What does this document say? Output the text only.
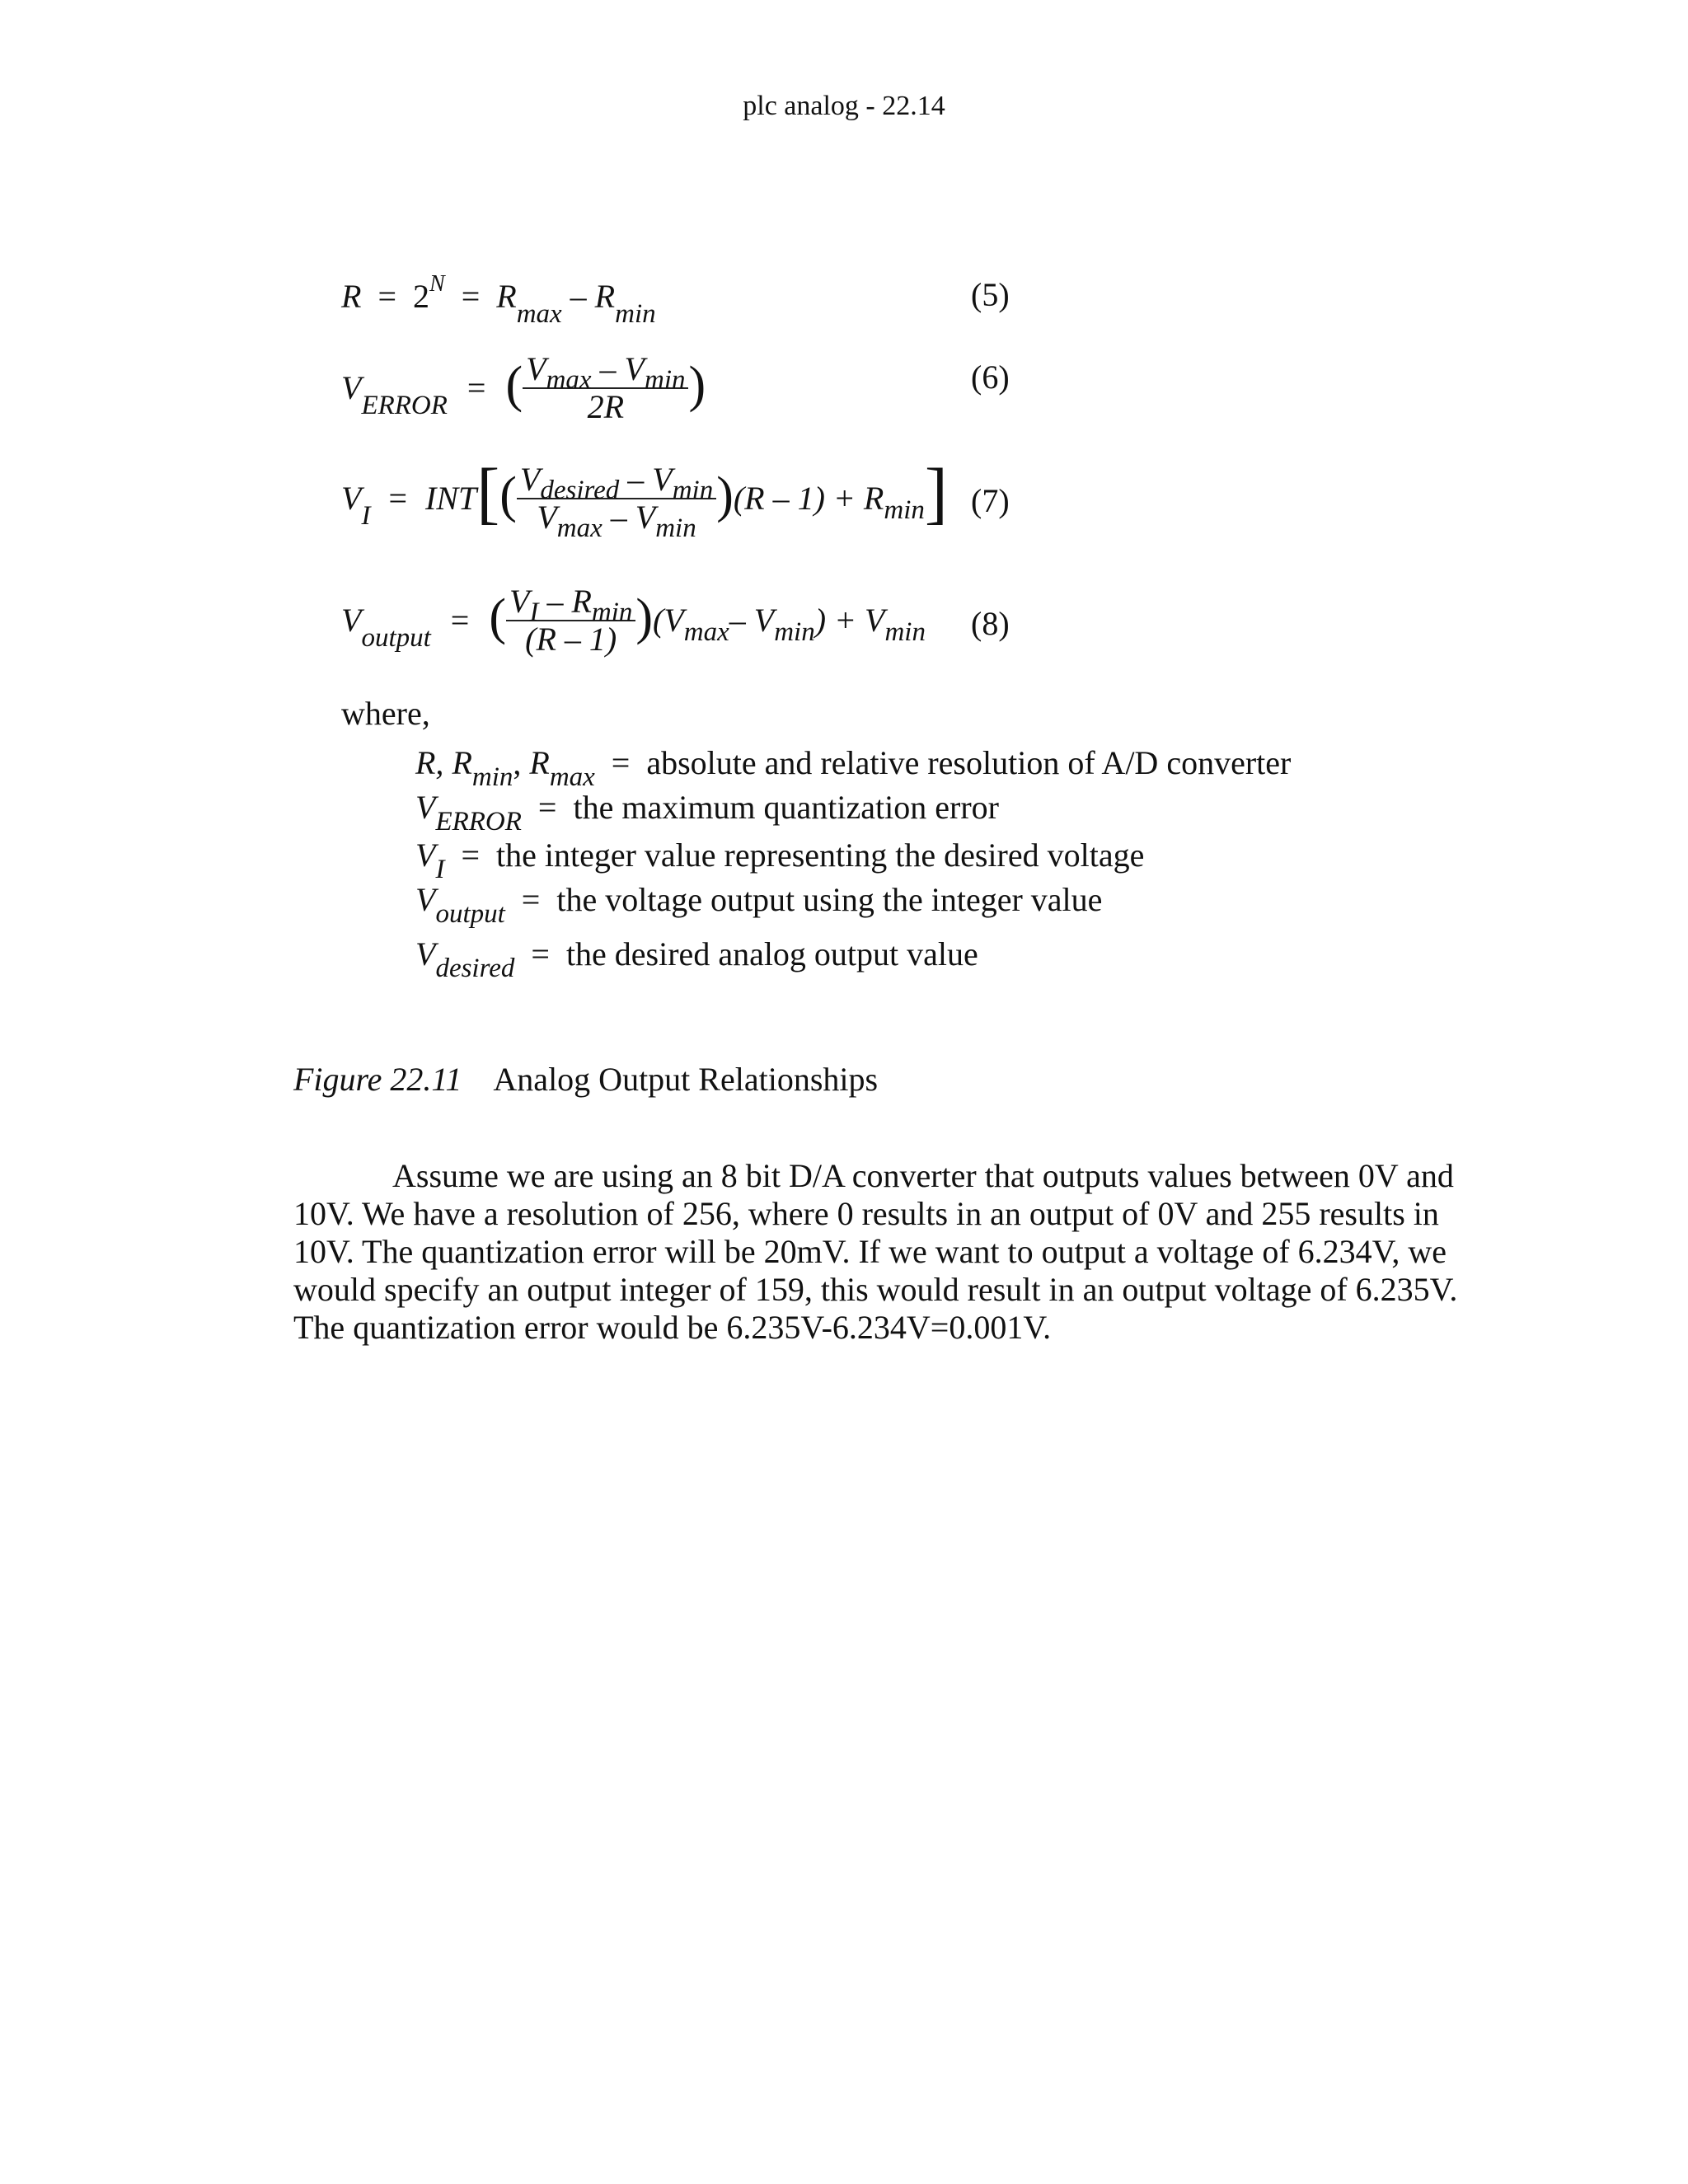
plc analog - 22.14
$R = 2^N = R_{max} - R_{min}$
(5)
$V_{ERROR}$ = ( $\frac{V_{max} - V_{min}}{2R}$ )	(6)
$V_I = INT[( \frac{V_{desired} - V_{min}}{V_{max} - V_{min}} )(R - 1) + R_{min}]$ (7)
$V_{output}$ = ( $\frac{V_I - R_{min}}{(R - 1)} )(V_{max}-$ $V_{min}) + V_{min}$ (8)
where,
R, $R_{min}$, $R_{max}$ = absolute and relative resolution of A/D converter
$V_{ERROR}$ = the maximum quantization error
$V_I$ = the integer value representing the desired voltage
$V_{output}$ = the voltage output using the integer value
$V_{desired}$ = the desired analog output value
Figure 22.11 Analog Output Relationships
Assume we are using an 8 bit D/A converter that outputs values between 0V and
10V. We have a resolution of 256, where 0 results in an output of 0V and 255 results in
10V. The quantization error will be 20mV. If we want to output a voltage of 6.234V, we
would specify an output integer of 159, this would result in an output voltage of 6.235V.
The quantization error would be 6.235V-6.234V=0.001V.
